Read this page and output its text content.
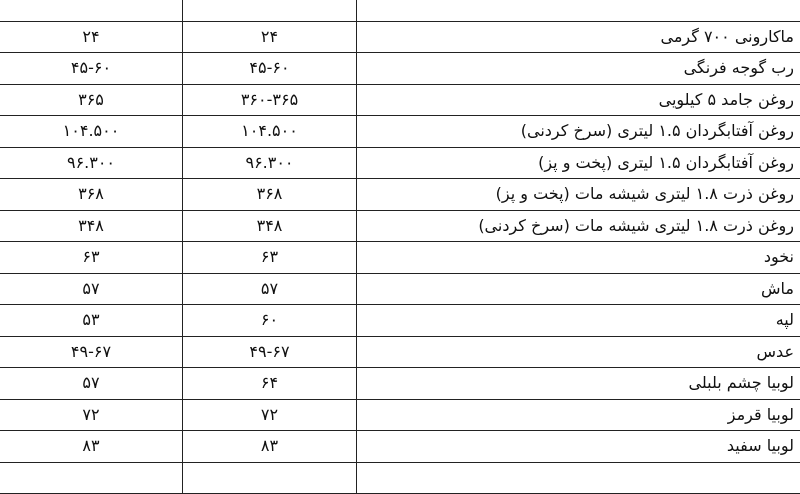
۲۴	۲۴	ماکارونی ۷۰۰ گرمی
۴۵-۶۰	۴۵-۶۰	رب گوجه فرنگی
۳۶۵	۳۶۰-۳۶۵	روغن جامد ۵ کیلویی
۱۰۴.۵۰۰	۱۰۴.۵۰۰	روغن آفتابگردان ۱.۵ لیتری (سرخ کردنی)
۹۶.۳۰۰	۹۶.۳۰۰	روغن آفتابگردان ۱.۵ لیتری (پخت و پز)
۳۶۸	۳۶۸	روغن ذرت ۱.۸ لیتری شیشه مات (پخت و پز)
۳۴۸	۳۴۸	روغن ذرت ۱.۸ لیتری شیشه مات (سرخ کردنی)
۶۳	۶۳	نخود
۵۷	۵۷	ماش
۵۳	۶۰	لپه
۴۹-۶۷	۴۹-۶۷	عدس
۵۷	۶۴	لوبیا چشم بلبلی
۷۲	۷۲	لوبیا قرمز
۸۳	۸۳	لوبیا سفید
